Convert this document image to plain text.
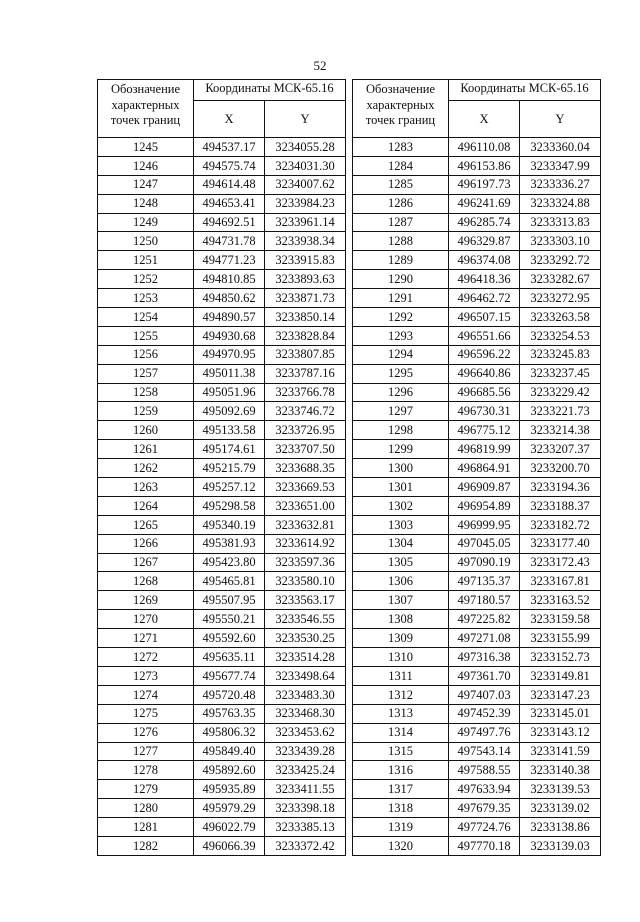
52
Обозначение
характерных
точек границ	Координаты МСК-65.16	
	X	Y
1245	494537.17	3234055.28
1246	494575.74	3234031.30
1247	494614.48	3234007.62
1248	494653.41	3233984.23
1249	494692.51	3233961.14
1250	494731.78	3233938.34
1251	494771.23	3233915.83
1252	494810.85	3233893.63
1253	494850.62	3233871.73
1254	494890.57	3233850.14
1255	494930.68	3233828.84
1256	494970.95	3233807.85
1257	495011.38	3233787.16
1258	495051.96	3233766.78
1259	495092.69	3233746.72
1260	495133.58	3233726.95
1261	495174.61	3233707.50
1262	495215.79	3233688.35
1263	495257.12	3233669.53
1264	495298.58	3233651.00
1265	495340.19	3233632.81
1266	495381.93	3233614.92
1267	495423.80	3233597.36
1268	495465.81	3233580.10
1269	495507.95	3233563.17
1270	495550.21	3233546.55
1271	495592.60	3233530.25
1272	495635.11	3233514.28
1273	495677.74	3233498.64
1274	495720.48	3233483.30
1275	495763.35	3233468.30
1276	495806.32	3233453.62
1277	495849.40	3233439.28
1278	495892.60	3233425.24
1279	495935.89	3233411.55
1280	495979.29	3233398.18
1281	496022.79	3233385.13
1282	496066.39	3233372.42
Обозначение
характерных
точек границ	Координаты МСК-65.16	
	X	Y
1283	496110.08	3233360.04
1284	496153.86	3233347.99
1285	496197.73	3233336.27
1286	496241.69	3233324.88
1287	496285.74	3233313.83
1288	496329.87	3233303.10
1289	496374.08	3233292.72
1290	496418.36	3233282.67
1291	496462.72	3233272.95
1292	496507.15	3233263.58
1293	496551.66	3233254.53
1294	496596.22	3233245.83
1295	496640.86	3233237.45
1296	496685.56	3233229.42
1297	496730.31	3233221.73
1298	496775.12	3233214.38
1299	496819.99	3233207.37
1300	496864.91	3233200.70
1301	496909.87	3233194.36
1302	496954.89	3233188.37
1303	496999.95	3233182.72
1304	497045.05	3233177.40
1305	497090.19	3233172.43
1306	497135.37	3233167.81
1307	497180.57	3233163.52
1308	497225.82	3233159.58
1309	497271.08	3233155.99
1310	497316.38	3233152.73
1311	497361.70	3233149.81
1312	497407.03	3233147.23
1313	497452.39	3233145.01
1314	497497.76	3233143.12
1315	497543.14	3233141.59
1316	497588.55	3233140.38
1317	497633.94	3233139.53
1318	497679.35	3233139.02
1319	497724.76	3233138.86
1320	497770.18	3233139.03
